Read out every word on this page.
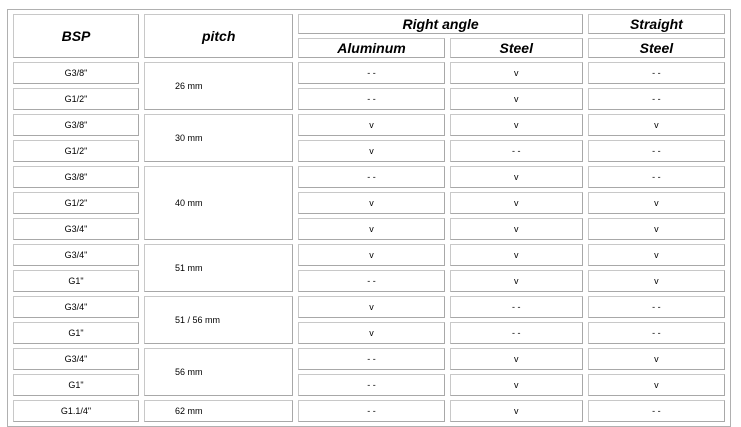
BSP	pitch	Right angle		Straight
		Aluminum	Steel	Steel
G3/8"	26 mm	- -	v	- -
G1/2"		- -	v	- -
G3/8"	30 mm	v	v	v
G1/2"		v	- -	- -
G3/8"	40 mm	- -	v	- -
G1/2"		v	v	v
G3/4"		v	v	v
G3/4"	51 mm	v	v	v
G1"		- -	v	v
G3/4"	51 / 56 mm	v	- -	- -
G1"		v	- -	- -
G3/4"	56 mm	- -	v	v
G1"		- -	v	v
G1.1/4"	62 mm	- -	v	- -
